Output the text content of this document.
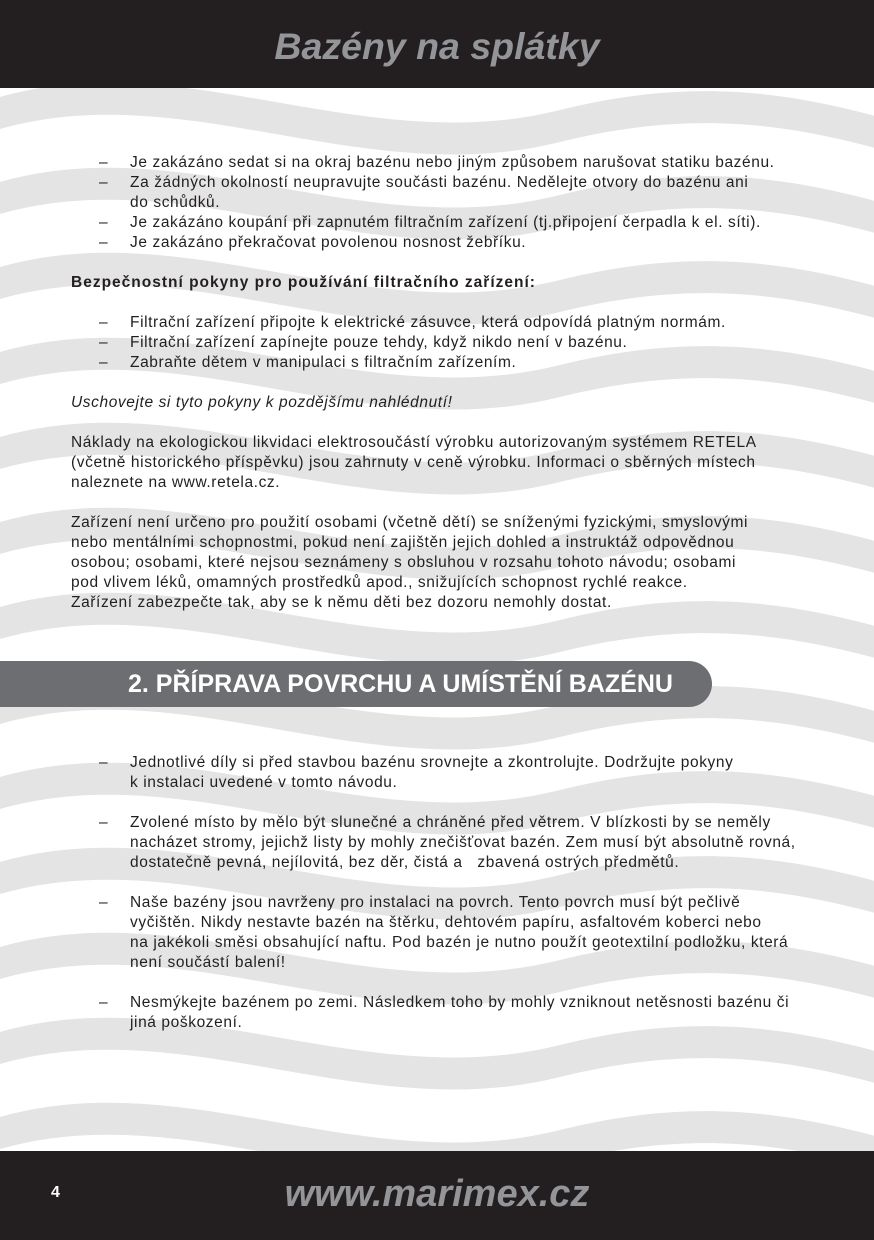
Bazény na splátky
– Je zakázáno sedat si na okraj bazénu nebo jiným způsobem narušovat statiku bazénu.
– Za žádných okolností neupravujte součásti bazénu. Nedělejte otvory do bazénu ani
do schůdků.
– Je zakázáno koupání při zapnutém filtračním zařízení (tj.připojení čerpadla k el. síti).
– Je zakázáno překračovat povolenou nosnost žebříku.
Bezpečnostní pokyny pro používání filtračního zařízení:
– Filtrační zařízení připojte k elektrické zásuvce, která odpovídá platným normám.
– Filtrační zařízení zapínejte pouze tehdy, když nikdo není v bazénu.
– Zabraňte dětem v manipulaci s filtračním zařízením.
Uschovejte si tyto pokyny k pozdějšímu nahlédnutí!
Náklady na ekologickou likvidaci elektrosoučástí výrobku autorizovaným systémem RETELA
(včetně historického příspěvku) jsou zahrnuty v ceně výrobku. Informaci o sběrných místech
naleznete na www.retela.cz.
Zařízení není určeno pro použití osobami (včetně dětí) se sníženými fyzickými, smyslovými
nebo mentálními schopnostmi, pokud není zajištěn jejich dohled a instruktáž odpovědnou
osobou; osobami, které nejsou seznámeny s obsluhou v rozsahu tohoto návodu; osobami
pod vlivem léků, omamných prostředků apod., snižujících schopnost rychlé reakce.
Zařízení zabezpečte tak, aby se k němu děti bez dozoru nemohly dostat.
2. PŘÍPRAVA POVRCHU A UMÍSTĚNÍ BAZÉNU
– Jednotlivé díly si před stavbou bazénu srovnejte a zkontrolujte. Dodržujte pokyny
k instalaci uvedené v tomto návodu.
– Zvolené místo by mělo být slunečné a chráněné před větrem. V blízkosti by se neměly
nacházet stromy, jejichž listy by mohly znečišťovat bazén. Zem musí být absolutně rovná,
dostatečně pevná, nejílovitá, bez děr, čistá a   zbavená ostrých předmětů.
– Naše bazény jsou navrženy pro instalaci na povrch. Tento povrch musí být pečlivě
vyčištěn. Nikdy nestavte bazén na štěrku, dehtovém papíru, asfaltovém koberci nebo
na jakékoli směsi obsahující naftu. Pod bazén je nutno použít geotextilní podložku, která
není součástí balení!
– Nesmýkejte bazénem po zemi. Následkem toho by mohly vzniknout netěsnosti bazénu či
jiná poškození.
4	www.marimex.cz
